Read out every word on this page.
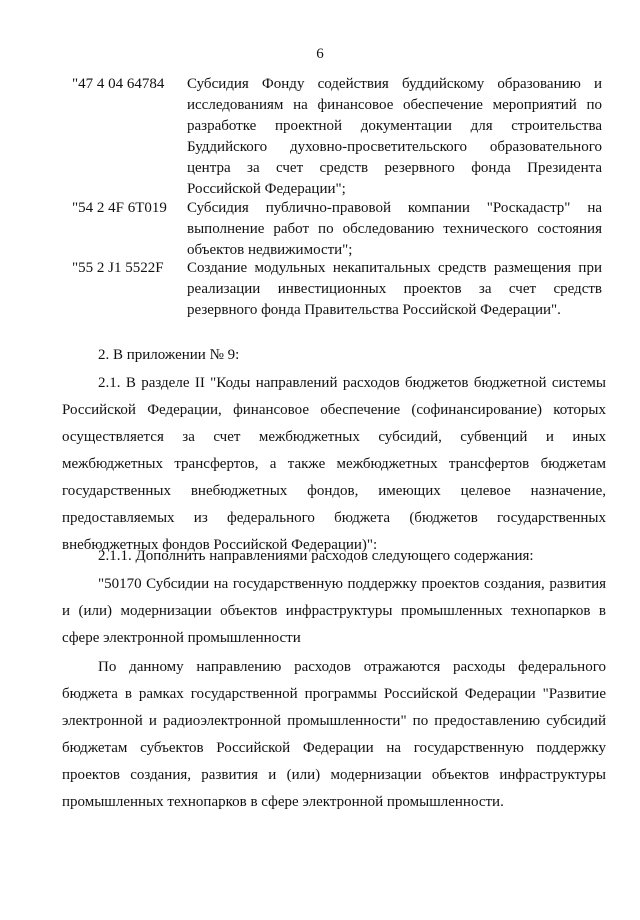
6
"47 4 04 64784 Субсидия Фонду содействия буддийскому образованию и исследованиям на финансовое обеспечение мероприятий по разработке проектной документации для строительства Буддийского духовно-просветительского образовательного центра за счет средств резервного фонда Президента Российской Федерации";
"54 2 4F 6Т019 Субсидия публично-правовой компании "Роскадастр" на выполнение работ по обследованию технического состояния объектов недвижимости";
"55 2 J1 5522F Создание модульных некапитальных средств размещения при реализации инвестиционных проектов за счет средств резервного фонда Правительства Российской Федерации".
2. В приложении № 9:
2.1. В разделе II "Коды направлений расходов бюджетов бюджетной системы Российской Федерации, финансовое обеспечение (софинансирование) которых осуществляется за счет межбюджетных субсидий, субвенций и иных межбюджетных трансфертов, а также межбюджетных трансфертов бюджетам государственных внебюджетных фондов, имеющих целевое назначение, предоставляемых из федерального бюджета (бюджетов государственных внебюджетных фондов Российской Федерации)":
2.1.1. Дополнить направлениями расходов следующего содержания:
"50170 Субсидии на государственную поддержку проектов создания, развития и (или) модернизации объектов инфраструктуры промышленных технопарков в сфере электронной промышленности
По данному направлению расходов отражаются расходы федерального бюджета в рамках государственной программы Российской Федерации "Развитие электронной и радиоэлектронной промышленности" по предоставлению субсидий бюджетам субъектов Российской Федерации на государственную поддержку проектов создания, развития и (или) модернизации объектов инфраструктуры промышленных технопарков в сфере электронной промышленности.
